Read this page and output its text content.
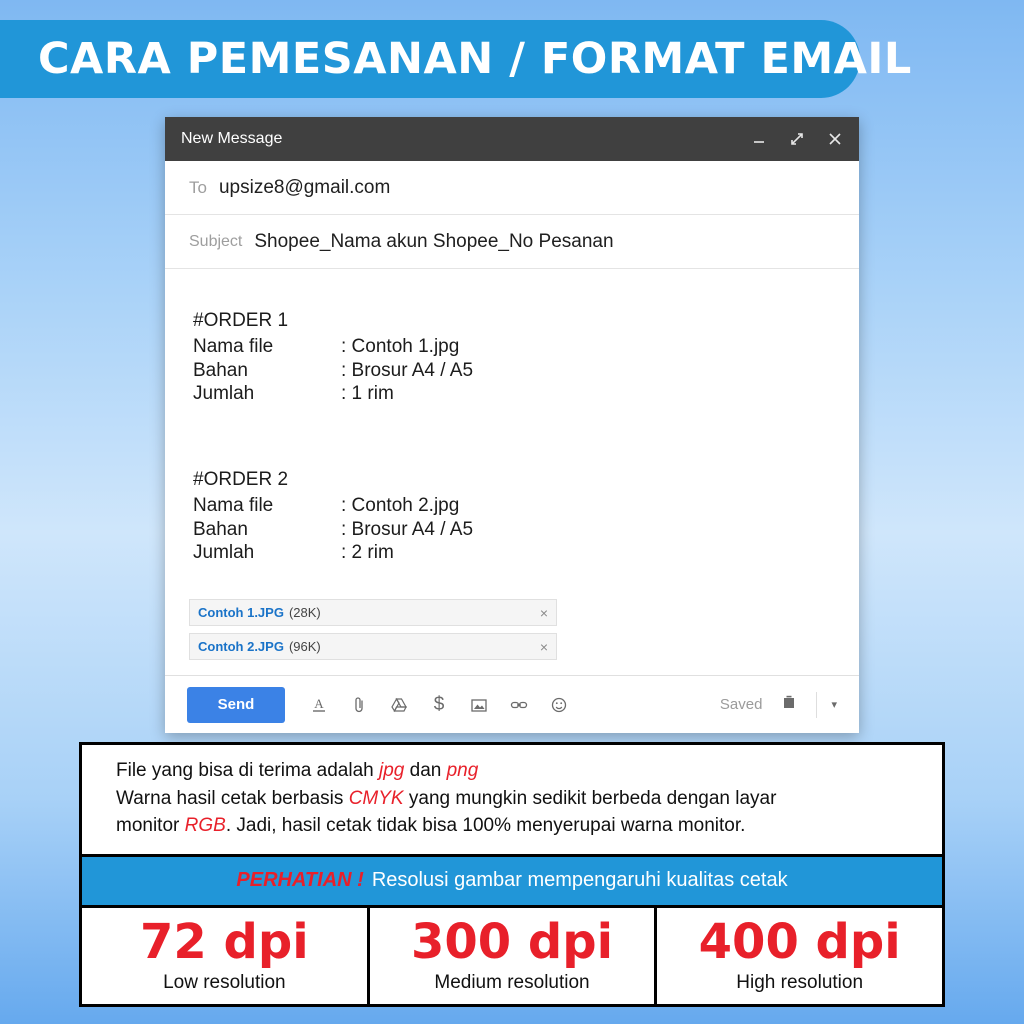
CARA PEMESANAN / FORMAT EMAIL
New Message
To upsize8@gmail.com
Subject Shopee_Nama akun Shopee_No Pesanan
#ORDER 1
Nama file	: Contoh 1.jpg
Bahan	: Brosur A4 / A5
Jumlah	: 1 rim
#ORDER 2
Nama file	: Contoh 2.jpg
Bahan	: Brosur A4 / A5
Jumlah	: 2 rim
Contoh 1.JPG (28K)	×
Contoh 2.JPG (96K)	×
Send	A	$	Saved	▾
File yang bisa di terima adalah jpg dan png
Warna hasil cetak berbasis CMYK yang mungkin sedikit berbeda dengan layar
monitor RGB. Jadi, hasil cetak tidak bisa 100% menyerupai warna monitor.
PERHATIAN ! Resolusi gambar mempengaruhi kualitas cetak
72 dpi
Low resolution
300 dpi
Medium resolution
400 dpi
High resolution
